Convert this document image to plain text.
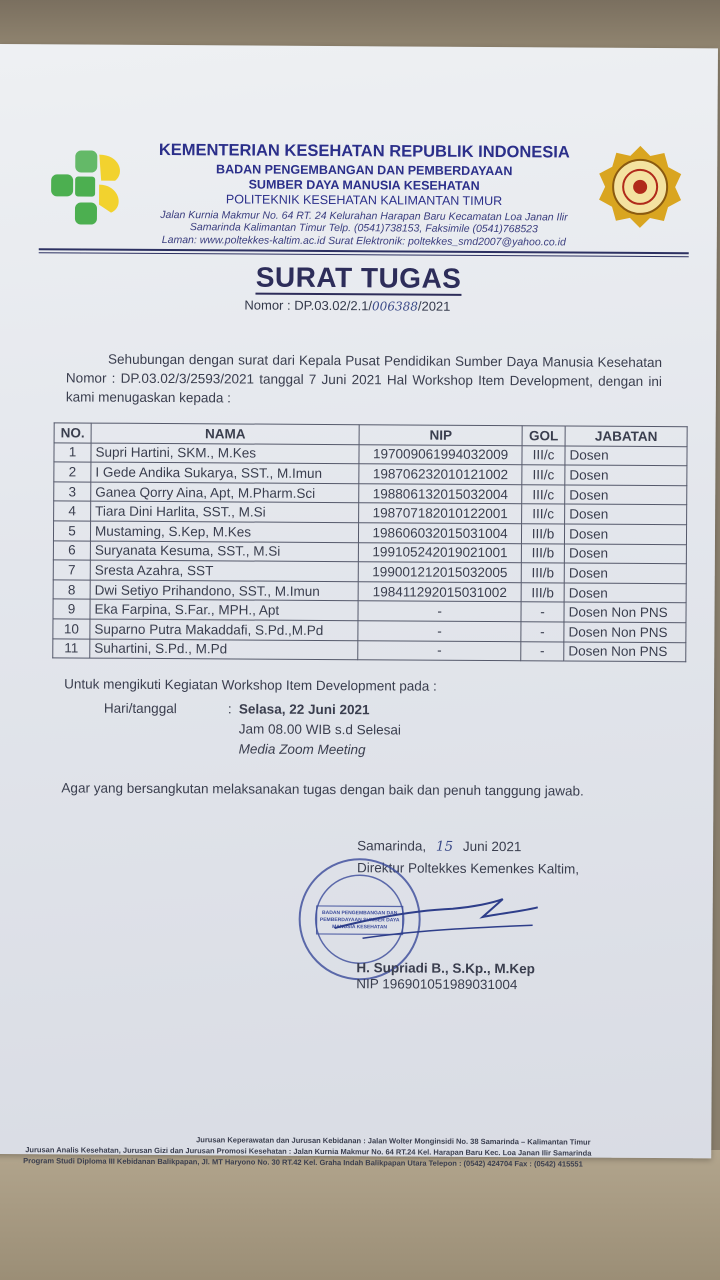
KEMENTERIAN KESEHATAN REPUBLIK INDONESIA
BADAN PENGEMBANGAN DAN PEMBERDAYAAN
SUMBER DAYA MANUSIA KESEHATAN
POLITEKNIK KESEHATAN KALIMANTAN TIMUR
Jalan Kurnia Makmur No. 64 RT. 24 Kelurahan Harapan Baru Kecamatan Loa Janan Ilir
Samarinda Kalimantan Timur Telp. (0541)738153, Faksimile (0541)768523
Laman: www.poltekkes-kaltim.ac.id Surat Elektronik: poltekkes_smd2007@yahoo.co.id
SURAT TUGAS
Nomor : DP.03.02/2.1/006388/2021
Sehubungan dengan surat dari Kepala Pusat Pendidikan Sumber Daya Manusia Kesehatan Nomor : DP.03.02/3/2593/2021 tanggal 7 Juni 2021 Hal Workshop Item Development, dengan ini kami menugaskan kepada :
NO.	NAMA	NIP	GOL	JABATAN
1	Supri Hartini, SKM., M.Kes	197009061994032009	III/c	Dosen
2	I Gede Andika Sukarya, SST., M.Imun	198706232010121002	III/c	Dosen
3	Ganea Qorry Aina, Apt, M.Pharm.Sci	198806132015032004	III/c	Dosen
4	Tiara Dini Harlita, SST., M.Si	198707182010122001	III/c	Dosen
5	Mustaming, S.Kep, M.Kes	198606032015031004	III/b	Dosen
6	Suryanata Kesuma, SST., M.Si	199105242019021001	III/b	Dosen
7	Sresta Azahra, SST	199001212015032005	III/b	Dosen
8	Dwi Setiyo Prihandono, SST., M.Imun	198411292015031002	III/b	Dosen
9	Eka Farpina, S.Far., MPH., Apt	-	-	Dosen Non PNS
10	Suparno Putra Makaddafi, S.Pd.,M.Pd	-	-	Dosen Non PNS
11	Suhartini, S.Pd., M.Pd	-	-	Dosen Non PNS
Untuk mengikuti Kegiatan Workshop Item Development pada :
Hari/tanggal	: Selasa, 22 Juni 2021
Jam 08.00 WIB s.d Selesai
Media Zoom Meeting
Agar yang bersangkutan melaksanakan tugas dengan baik dan penuh tanggung jawab.
Samarinda, 15 Juni 2021
Direktur Poltekkes Kemenkes Kaltim,
BADAN PENGEMBANGAN DAN
PEMBERDAYAAN SUMBER DAYA
MANUSIA KESEHATAN
H. Supriadi B., S.Kp., M.Kep
NIP 196901051989031004
Jurusan Keperawatan dan Jurusan Kebidanan : Jalan Wolter Monginsidi No. 38 Samarinda – Kalimantan Timur
Jurusan Analis Kesehatan, Jurusan Gizi dan Jurusan Promosi Kesehatan : Jalan Kurnia Makmur No. 64 RT.24 Kel. Harapan Baru Kec. Loa Janan Ilir Samarinda
Program Studi Diploma III Kebidanan Balikpapan, Jl. MT Haryono No. 30 RT.42 Kel. Graha Indah Balikpapan Utara Telepon : (0542) 424704 Fax : (0542) 415551
